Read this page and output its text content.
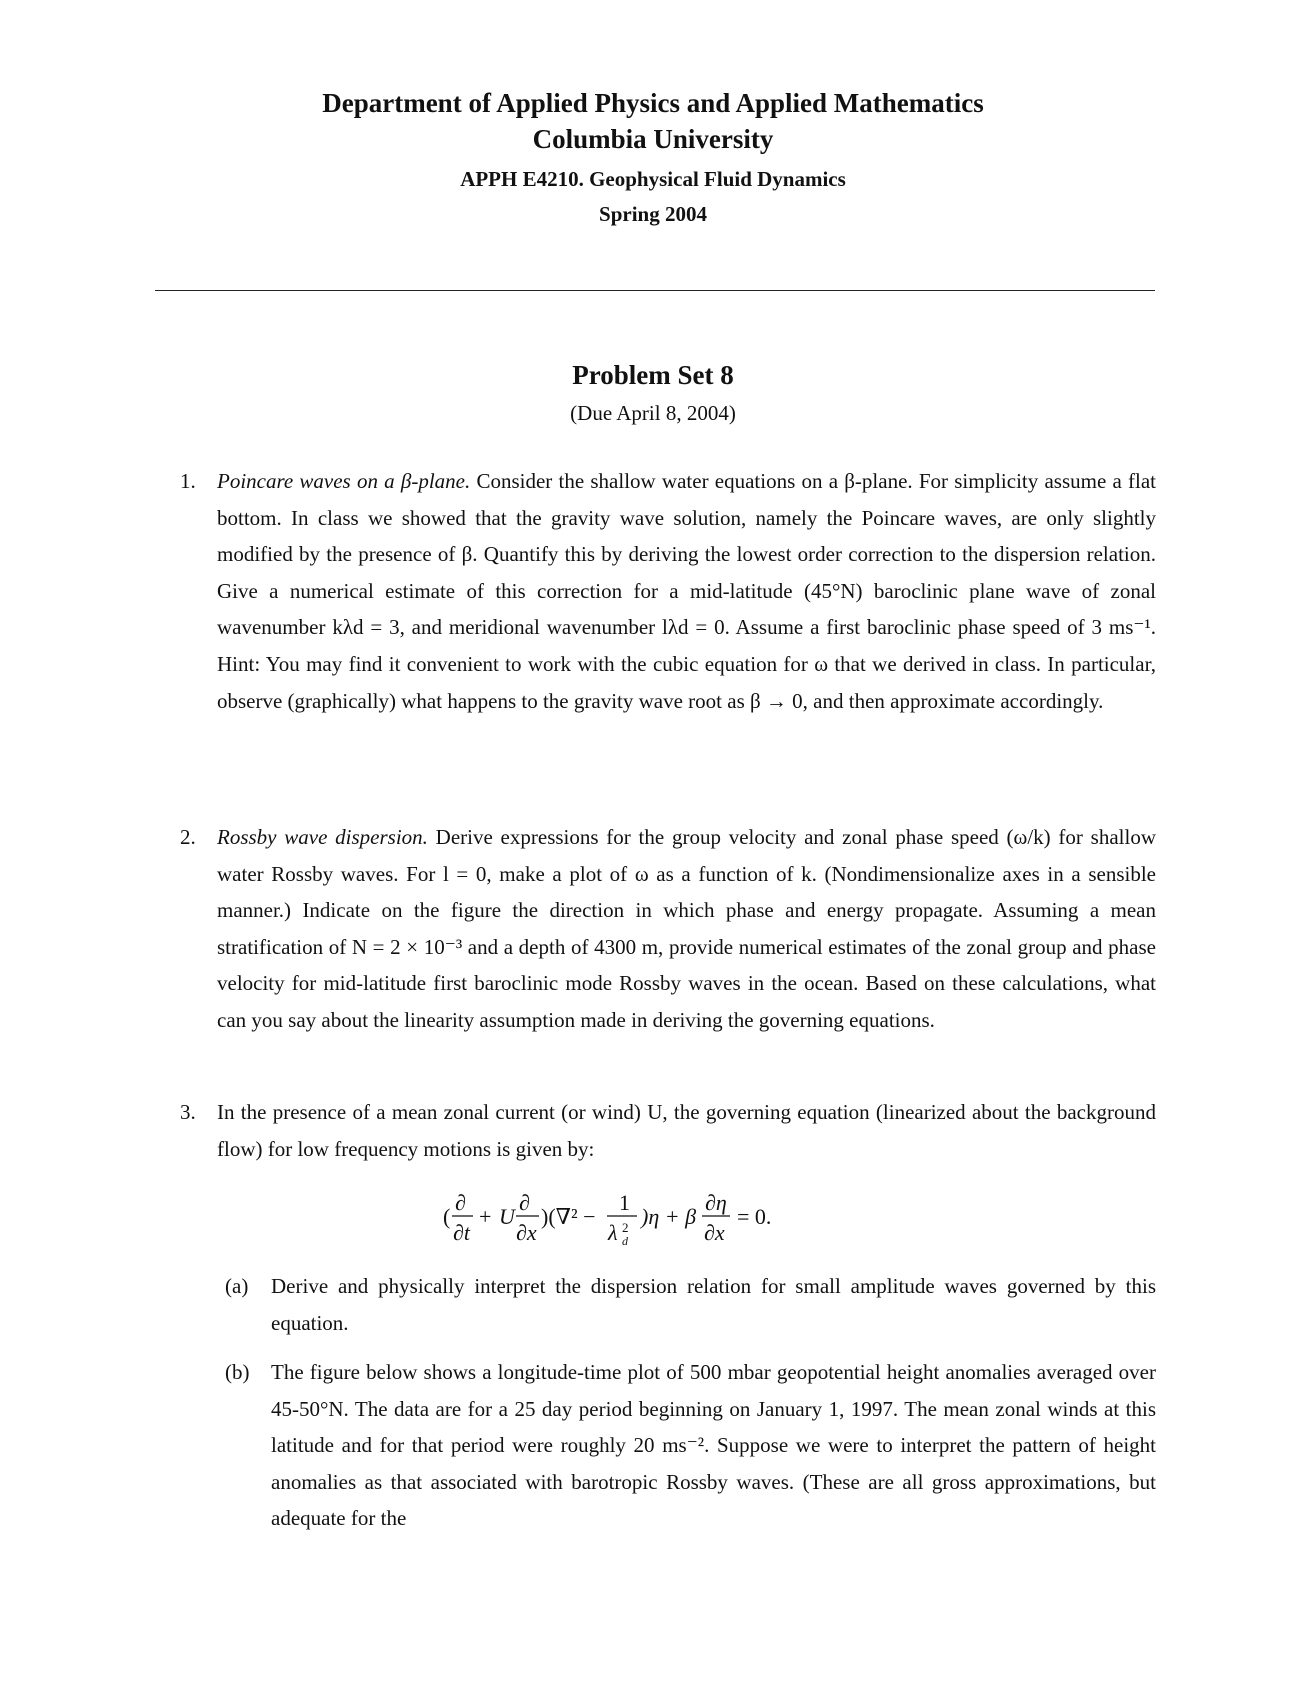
Department of Applied Physics and Applied Mathematics
Columbia University
APPH E4210. Geophysical Fluid Dynamics
Spring 2004
Problem Set 8
(Due April 8, 2004)
1. Poincare waves on a β-plane. Consider the shallow water equations on a β-plane. For simplicity assume a flat bottom. In class we showed that the gravity wave solution, namely the Poincare waves, are only slightly modified by the presence of β. Quantify this by deriving the lowest order correction to the dispersion relation. Give a numerical estimate of this correction for a mid-latitude (45°N) baroclinic plane wave of zonal wavenumber kλd = 3, and meridional wavenumber lλd = 0. Assume a first baroclinic phase speed of 3 ms⁻¹. Hint: You may find it convenient to work with the cubic equation for ω that we derived in class. In particular, observe (graphically) what happens to the gravity wave root as β → 0, and then approximate accordingly.
2. Rossby wave dispersion. Derive expressions for the group velocity and zonal phase speed (ω/k) for shallow water Rossby waves. For l = 0, make a plot of ω as a function of k. (Nondimensionalize axes in a sensible manner.) Indicate on the figure the direction in which phase and energy propagate. Assuming a mean stratification of N = 2 × 10⁻³ and a depth of 4300 m, provide numerical estimates of the zonal group and phase velocity for mid-latitude first baroclinic mode Rossby waves in the ocean. Based on these calculations, what can you say about the linearity assumption made in deriving the governing equations.
3. In the presence of a mean zonal current (or wind) U, the governing equation (linearized about the background flow) for low frequency motions is given by:
(
∂
∂t
+ U
∂
∂x
)(∇² −
1
λ 2
d
)η + β
∂η
∂x
= 0.
(a) Derive and physically interpret the dispersion relation for small amplitude waves governed by this equation.
(b) The figure below shows a longitude-time plot of 500 mbar geopotential height anomalies averaged over 45-50°N. The data are for a 25 day period beginning on January 1, 1997. The mean zonal winds at this latitude and for that period were roughly 20 ms⁻². Suppose we were to interpret the pattern of height anomalies as that associated with barotropic Rossby waves. (These are all gross approximations, but adequate for the
